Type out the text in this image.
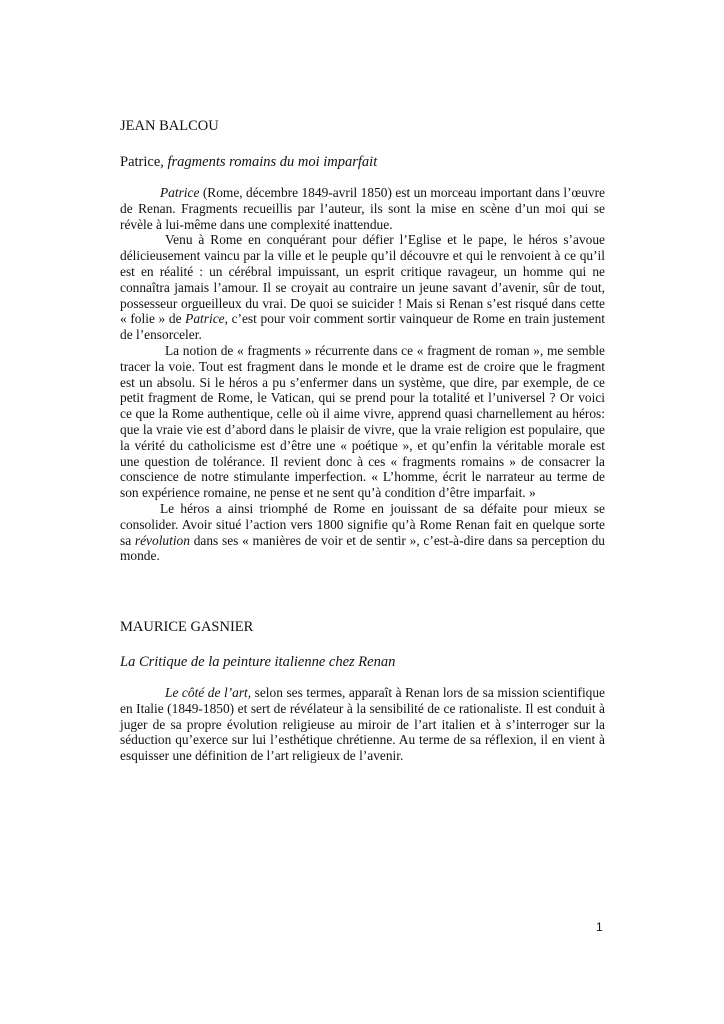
JEAN BALCOU
Patrice, fragments romains du moi imparfait

Patrice (Rome, décembre 1849-avril 1850) est un morceau important dans l’œuvre de Renan. Fragments recueillis par l’auteur, ils sont la mise en scène d’un moi qui se révèle à lui-même dans une complexité inattendue.

Venu à Rome en conquérant pour défier l’Eglise et le pape, le héros s’avoue délicieusement vaincu par la ville et le peuple qu’il découvre et qui le renvoient à ce qu’il est en réalité : un cérébral impuissant, un esprit critique ravageur, un homme qui ne connaîtra jamais l’amour. Il se croyait au contraire un jeune savant d’avenir, sûr de tout, possesseur orgueilleux du vrai. De quoi se suicider ! Mais si Renan s’est risqué dans cette « folie » de Patrice, c’est pour voir comment sortir vainqueur de Rome en train justement de l’ensorceler.

La notion de « fragments » récurrente dans ce « fragment de roman », me semble tracer la voie. Tout est fragment dans le monde et le drame est de croire que le fragment est un absolu. Si le héros a pu s’enfermer dans un système, que dire, par exemple, de ce petit fragment de Rome, le Vatican, qui se prend pour la totalité et l’universel ? Or voici ce que la Rome authentique, celle où il aime vivre, apprend quasi charnellement au héros: que la vraie vie est d’abord dans le plaisir de vivre, que la vraie religion est populaire, que la vérité du catholicisme est d’être une « poétique », et qu’enfin la véritable morale est une question de tolérance. Il revient donc à ces « fragments romains » de consacrer la conscience de notre stimulante imperfection. « L’homme, écrit le narrateur au terme de son expérience romaine, ne pense et ne sent qu’à condition d’être imparfait. »

Le héros a ainsi triomphé de Rome en jouissant de sa défaite pour mieux se consolider. Avoir situé l’action vers 1800 signifie qu’à Rome Renan fait en quelque sorte sa révolution dans ses « manières de voir et de sentir », c’est-à-dire dans sa perception du monde.

MAURICE GASNIER
La Critique de la peinture italienne chez Renan

Le côté de l’art, selon ses termes, apparaît à Renan lors de sa mission scientifique en Italie (1849-1850) et sert de révélateur à la sensibilité de ce rationaliste. Il est conduit à juger de sa propre évolution religieuse au miroir de l’art italien et à s’interroger sur la séduction qu’exerce sur lui l’esthétique chrétienne. Au terme de sa réflexion, il en vient à esquisser une définition de l’art religieux de l’avenir.

1
